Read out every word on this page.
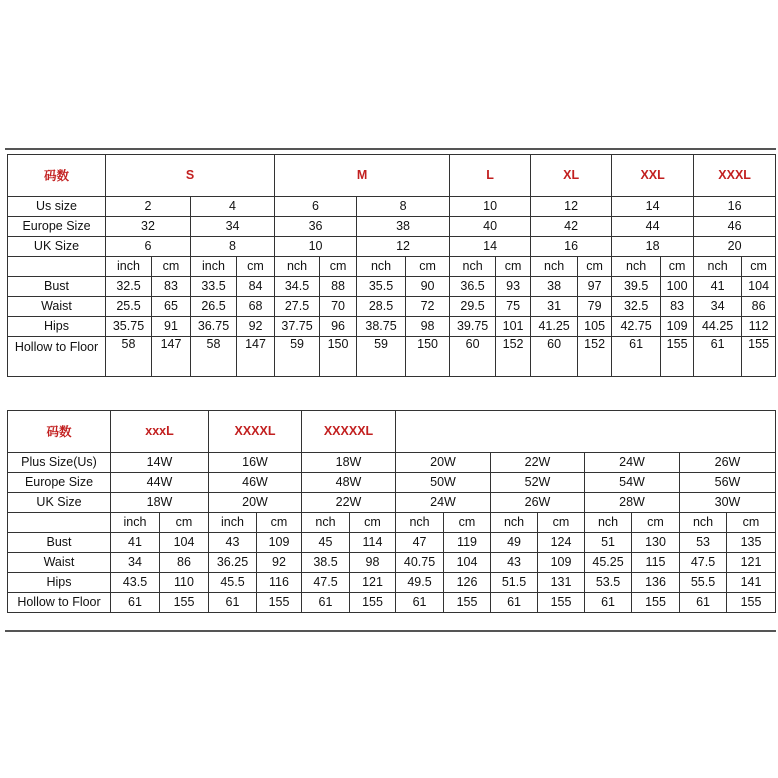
码数	S				M				L		XL		XXL		XXXL	
Us size	2		4		6		8		10		12		14		16	
Europe Size	32		34		36		38		40		42		44		46	
UK Size	6		8		10		12		14		16		18		20	
	inch	cm	inch	cm	nch	cm	nch	cm	nch	cm	nch	cm	nch	cm	nch	cm
Bust	32.5	83	33.5	84	34.5	88	35.5	90	36.5	93	38	97	39.5	100	41	104
Waist	25.5	65	26.5	68	27.5	70	28.5	72	29.5	75	31	79	32.5	83	34	86
Hips	35.75	91	36.75	92	37.75	96	38.75	98	39.75	101	41.25	105	42.75	109	44.25	112
Hollow to Floor	58	147	58	147	59	150	59	150	60	152	60	152	61	155	61	155
码数	xxxL		XXXXL		XXXXXL									
Plus Size(Us)	14W		16W		18W		20W		22W		24W		26W	
Europe Size	44W		46W		48W		50W		52W		54W		56W	
UK Size	18W		20W		22W		24W		26W		28W		30W	
	inch	cm	inch	cm	nch	cm	nch	cm	nch	cm	nch	cm	nch	cm
Bust	41	104	43	109	45	114	47	119	49	124	51	130	53	135
Waist	34	86	36.25	92	38.5	98	40.75	104	43	109	45.25	115	47.5	121
Hips	43.5	110	45.5	116	47.5	121	49.5	126	51.5	131	53.5	136	55.5	141
Hollow to Floor	61	155	61	155	61	155	61	155	61	155	61	155	61	155
